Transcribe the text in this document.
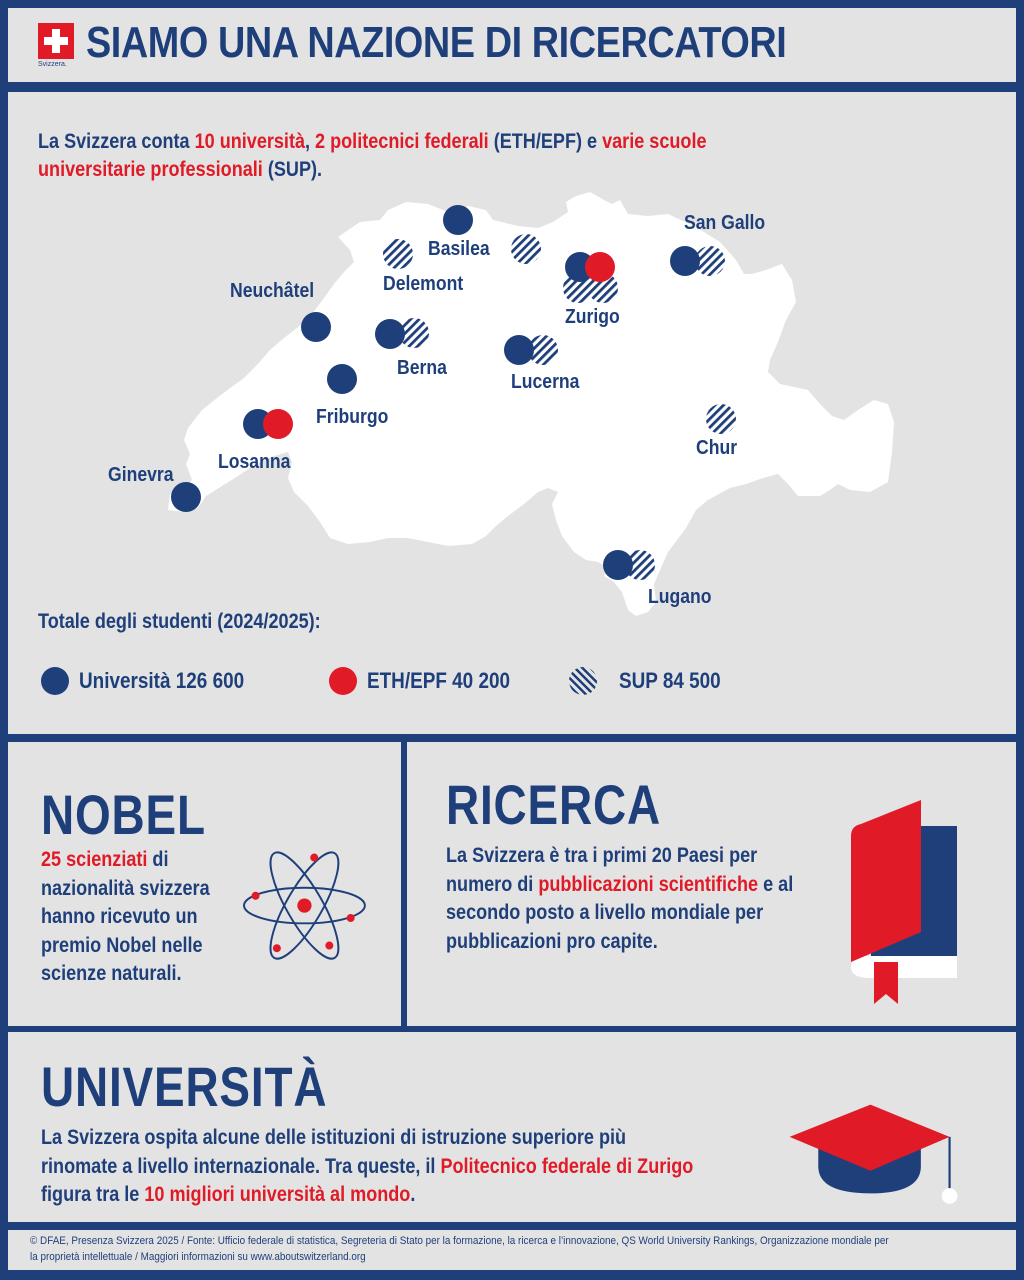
Svizzera. SIAMO UNA NAZIONE DI RICERCATORI
La Svizzera conta 10 università, 2 politecnici federali (ETH/EPF) e varie scuole
universitarie professionali (SUP).
Basilea
Delemont
Zurigo
San Gallo
Neuchâtel
Berna
Lucerna
Friburgo
Losanna
Ginevra
Chur
Lugano
Totale degli studenti (2024/2025):
Università 126 600	ETH/EPF 40 200	SUP 84 500
NOBEL
25 scienziati di
nazionalità svizzera
hanno ricevuto un
premio Nobel nelle
scienze naturali.
RICERCA
La Svizzera è tra i primi 20 Paesi per
numero di pubblicazioni scientifiche e al
secondo posto a livello mondiale per
pubblicazioni pro capite.
UNIVERSITÀ
La Svizzera ospita alcune delle istituzioni di istruzione superiore più
rinomate a livello internazionale. Tra queste, il Politecnico federale di Zurigo
figura tra le 10 migliori università al mondo.
© DFAE, Presenza Svizzera 2025 / Fonte: Ufficio federale di statistica, Segreteria di Stato per la formazione, la ricerca e l’innovazione, QS World University Rankings, Organizzazione mondiale per
la proprietà intellettuale / Maggiori informazioni su www.aboutswitzerland.org
